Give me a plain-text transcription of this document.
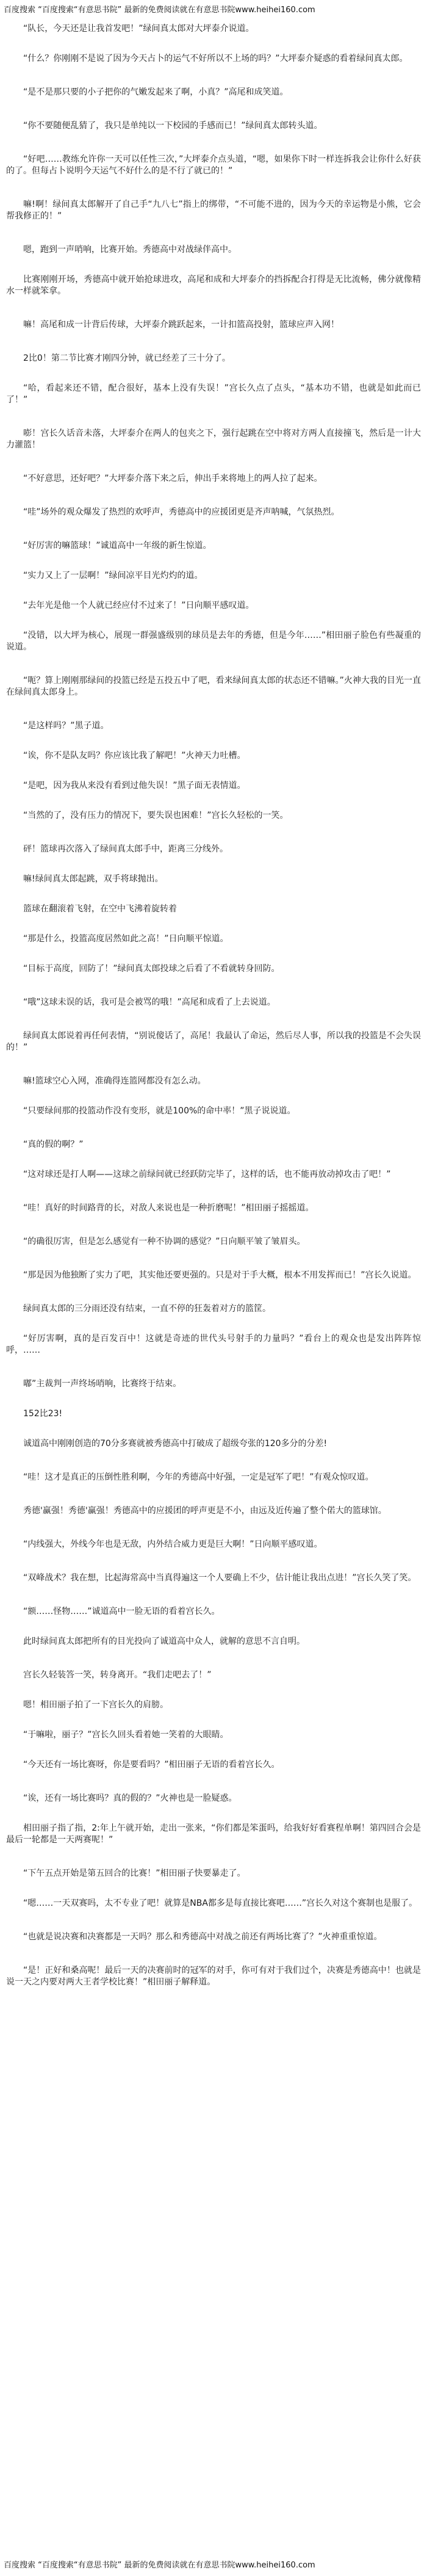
百度搜索 “百度搜索“有意思书院” 最新的免费阅读就在有意思书院www.heihei160.com

“队长，今天还是让我首发吧！”绿间真太郎对大坪泰介说道。

“什么？你刚刚不是说了因为今天占卜的运气不好所以不上场的吗？”大坪泰介疑惑的看着绿间真太郎。

“是不是那只要的小子把你的气嫩发起来了啊，小真？”高尾和成笑道。

“你不要随便乱猜了，我只是单纯以一下校园的手感而已！”绿间真太郎转头道。

“好吧……教练允许你一天可以任性三次，”大坪泰介点头道，“嗯，如果你下时一样连拆我会让你什么好获的了。但每占卜说明今天运气不好什么的是不行了就已的！”

嘛!啊！绿间真太郎解开了自己手“九八七”指上的绑带，“不可能不进的，因为今天的幸运物是小熊，它会帮我修正的！”

嗯，跑到一声哨响，比赛开始。秀德高中对战绿伴高中。

比赛刚刚开场，秀德高中就开始抢球进攻，高尾和成和大坪泰介的挡拆配合打得是无比流畅，佛分就像精水一样就笨拿。

嘛！高尾和成一计背后传球，大坪泰介跳跃起来，一计扣篮高投射，篮球应声入网！

2比0！第二节比赛才刚四分钟，就已经差了三十分了。

“哈，看起来还不错，配合很好，基本上没有失误！”宫长久点了点头，“基本功不错，也就是如此而已了！”

嘭！宫长久话音未落，大坪泰介在两人的包夹之下，强行起跳在空中将对方两人直接撞飞，然后是一计大力灌篮！

“不好意思，还好吧？”大坪泰介落下来之后，伸出手来将地上的两人拉了起来。

“哇”场外的观众爆发了热烈的欢呼声，秀德高中的应援团更是齐声呐喊，气氛热烈。

“好厉害的嘛篮球！”诚道高中一年级的新生惊道。

“实力又上了一层啊！”绿间凉平目光灼灼的道。

“去年光是他一个人就已经应付不过来了！”日向顺平感叹道。

“没错，以大坪为核心，展现一群强盛级别的球员是去年的秀德，但是今年……”相田丽子脸色有些凝重的说道。

“呃？算上刚刚那绿间的投篮已经是五投五中了吧，看来绿间真太郎的状态还不错嘛。”火神大我的目光一直在绿间真太郎身上。

“是这样吗？”黑子道。

“诶，你不是队友吗？你应该比我了解吧！”火神天力吐槽。

“是吧，因为我从来没有看到过他失误！”黑子面无表情道。

“当然的了，没有压力的情况下，要失误也困难！”宫长久轻松的一笑。

砰！篮球再次落入了绿间真太郎手中，距离三分线外。

嘛!绿间真太郎起跳，双手将球抛出。

篮球在翻滚着飞射，在空中飞沸着旋转着

“那是什么，投篮高度居然如此之高！”日向顺平惊道。

“目标于高度，回防了！”绿间真太郎投球之后看了不看就转身回防。

“哦”这球未误的话，我可是会被骂的哦！”高尾和成看了上去说道。

绿间真太郎说着再任何表情，“别说傻话了，高尾！我最认了命运，然后尽人事，所以我的投篮是不会失误的！”

嘛!篮球空心入网，准确得连篮网都没有怎么动。

“只要绿间那的投篮动作没有变形，就是100%的命中率！”黑子说说道。

“真的假的啊？”

“这对球还是打人啊——这球之前绿间就已经跃防完毕了，这样的话，也不能再放动掉攻击了吧！”

“哇！真好的时间路背的长，对敌人来说也是一种折磨呢！”相田丽子摇摇道。

“的确很厉害，但是怎么感觉有一种不协调的感觉？”日向顺平皱了皱眉头。

“那是因为他独断了实力了吧，其实他还要更强的。只是对于手大概，根本不用发挥而已！”宫长久说道。

绿间真太郎的三分雨还没有结束，一直不停的狂轰着对方的篮筐。

“好厉害啊，真的是百发百中！这就是奇迹的世代头号射手的力量吗？”看台上的观众也是发出阵阵惊呼，……

嘟”主裁判一声终场哨响，比赛终于结束。

152比23!

诚道高中刚刚创造的70分多赛就被秀德高中打破成了超级夸张的120多分的分差!

“哇！这才是真正的压倒性胜利啊，今年的秀德高中好强，一定是冠军了吧！”有观众惊叹道。

秀德'赢强！秀德'赢强！秀德高中的应援团的呼声更是不小，由远及近传遍了整个偌大的篮球馆。

“内线强大，外线今年也是无敌，内外结合威力更是巨大啊！”日向顺平感叹道。

“双峰战术？我在想，比起海常高中当真得遍这一个人要确上不少，估计能让我出点进！”宫长久笑了笑。

“额……怪物……”诚道高中一脸无语的看着宫长久。

此时绿间真太郎把所有的目光投向了诚道高中众人，就解的意思不言自明。

宫长久轻装答一笑，转身离开。“我们走吧去了！”

嗯！相田丽子拍了一下宫长久的肩膀。

“于嘛啦，丽子？”宫长久回头看着她一笑着的大眼睛。

“今天还有一场比赛呀，你是要看吗？”相田丽子无语的看着宫长久。

“诶，还有一场比赛吗？真的假的？”火神也是一脸疑惑。

相田丽子指了指，2:年上午就开始，走出一张来，“你们都是笨蛋吗，给我好好看赛程单啊！第四回合会是最后一轮都是一天两赛呢！”

“下午五点开始是第五回合的比赛！”相田丽子快要暴走了。

“嗯……一天双赛吗，太不专业了吧！就算是NBA都多是每直接比赛吧……”宫长久对这个赛制也是服了。

“也就是说决赛和决赛都是一天吗？那么和秀德高中对战之前还有两场比赛了？”火神重重惊道。

“是！正好和桑高呢！最后一天的决赛前时的冠军的对手，你可有对于我们过个，决赛是秀德高中！也就是说一天之内要对两大王者学校比赛！”相田丽子解释道。

百度搜索 “百度搜索“有意思书院” 最新的免费阅读就在有意思书院www.heihei160.com
